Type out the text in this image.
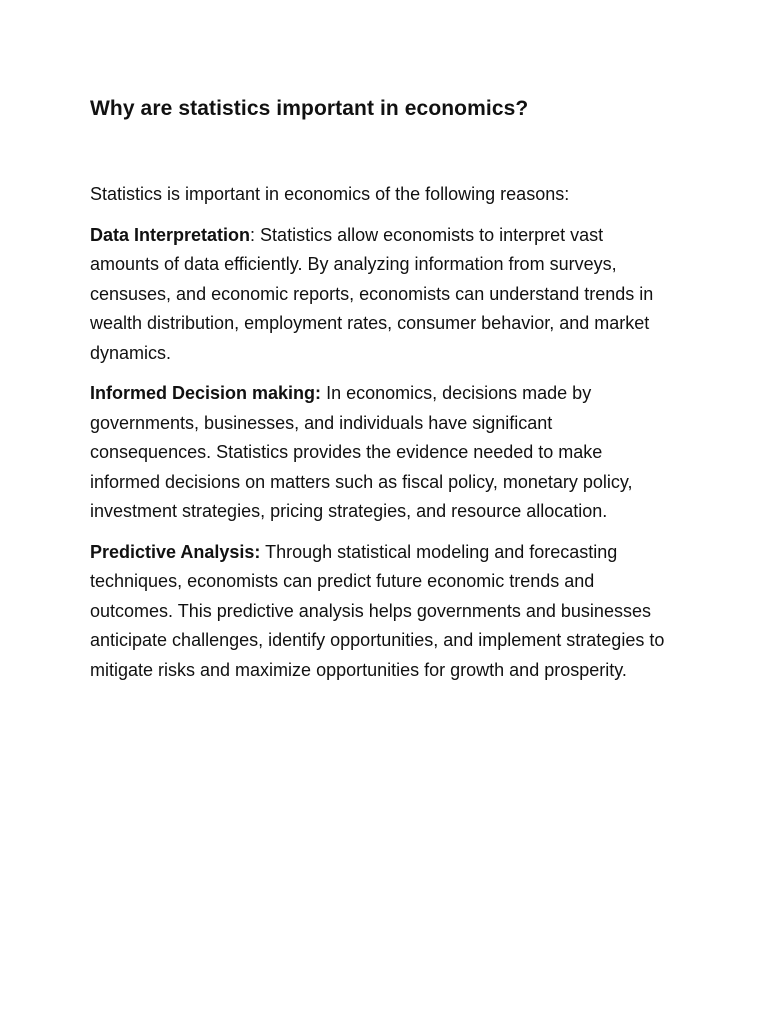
Why are statistics important in economics?

Statistics is important in economics of the following reasons:

Data Interpretation: Statistics allow economists to interpret vast amounts of data efficiently. By analyzing information from surveys, censuses, and economic reports, economists can understand trends in wealth distribution, employment rates, consumer behavior, and market dynamics.

Informed Decision making: In economics, decisions made by governments, businesses, and individuals have significant consequences. Statistics provides the evidence needed to make informed decisions on matters such as fiscal policy, monetary policy, investment strategies, pricing strategies, and resource allocation.

Predictive Analysis: Through statistical modeling and forecasting techniques, economists can predict future economic trends and outcomes. This predictive analysis helps governments and businesses anticipate challenges, identify opportunities, and implement strategies to mitigate risks and maximize opportunities for growth and prosperity.
